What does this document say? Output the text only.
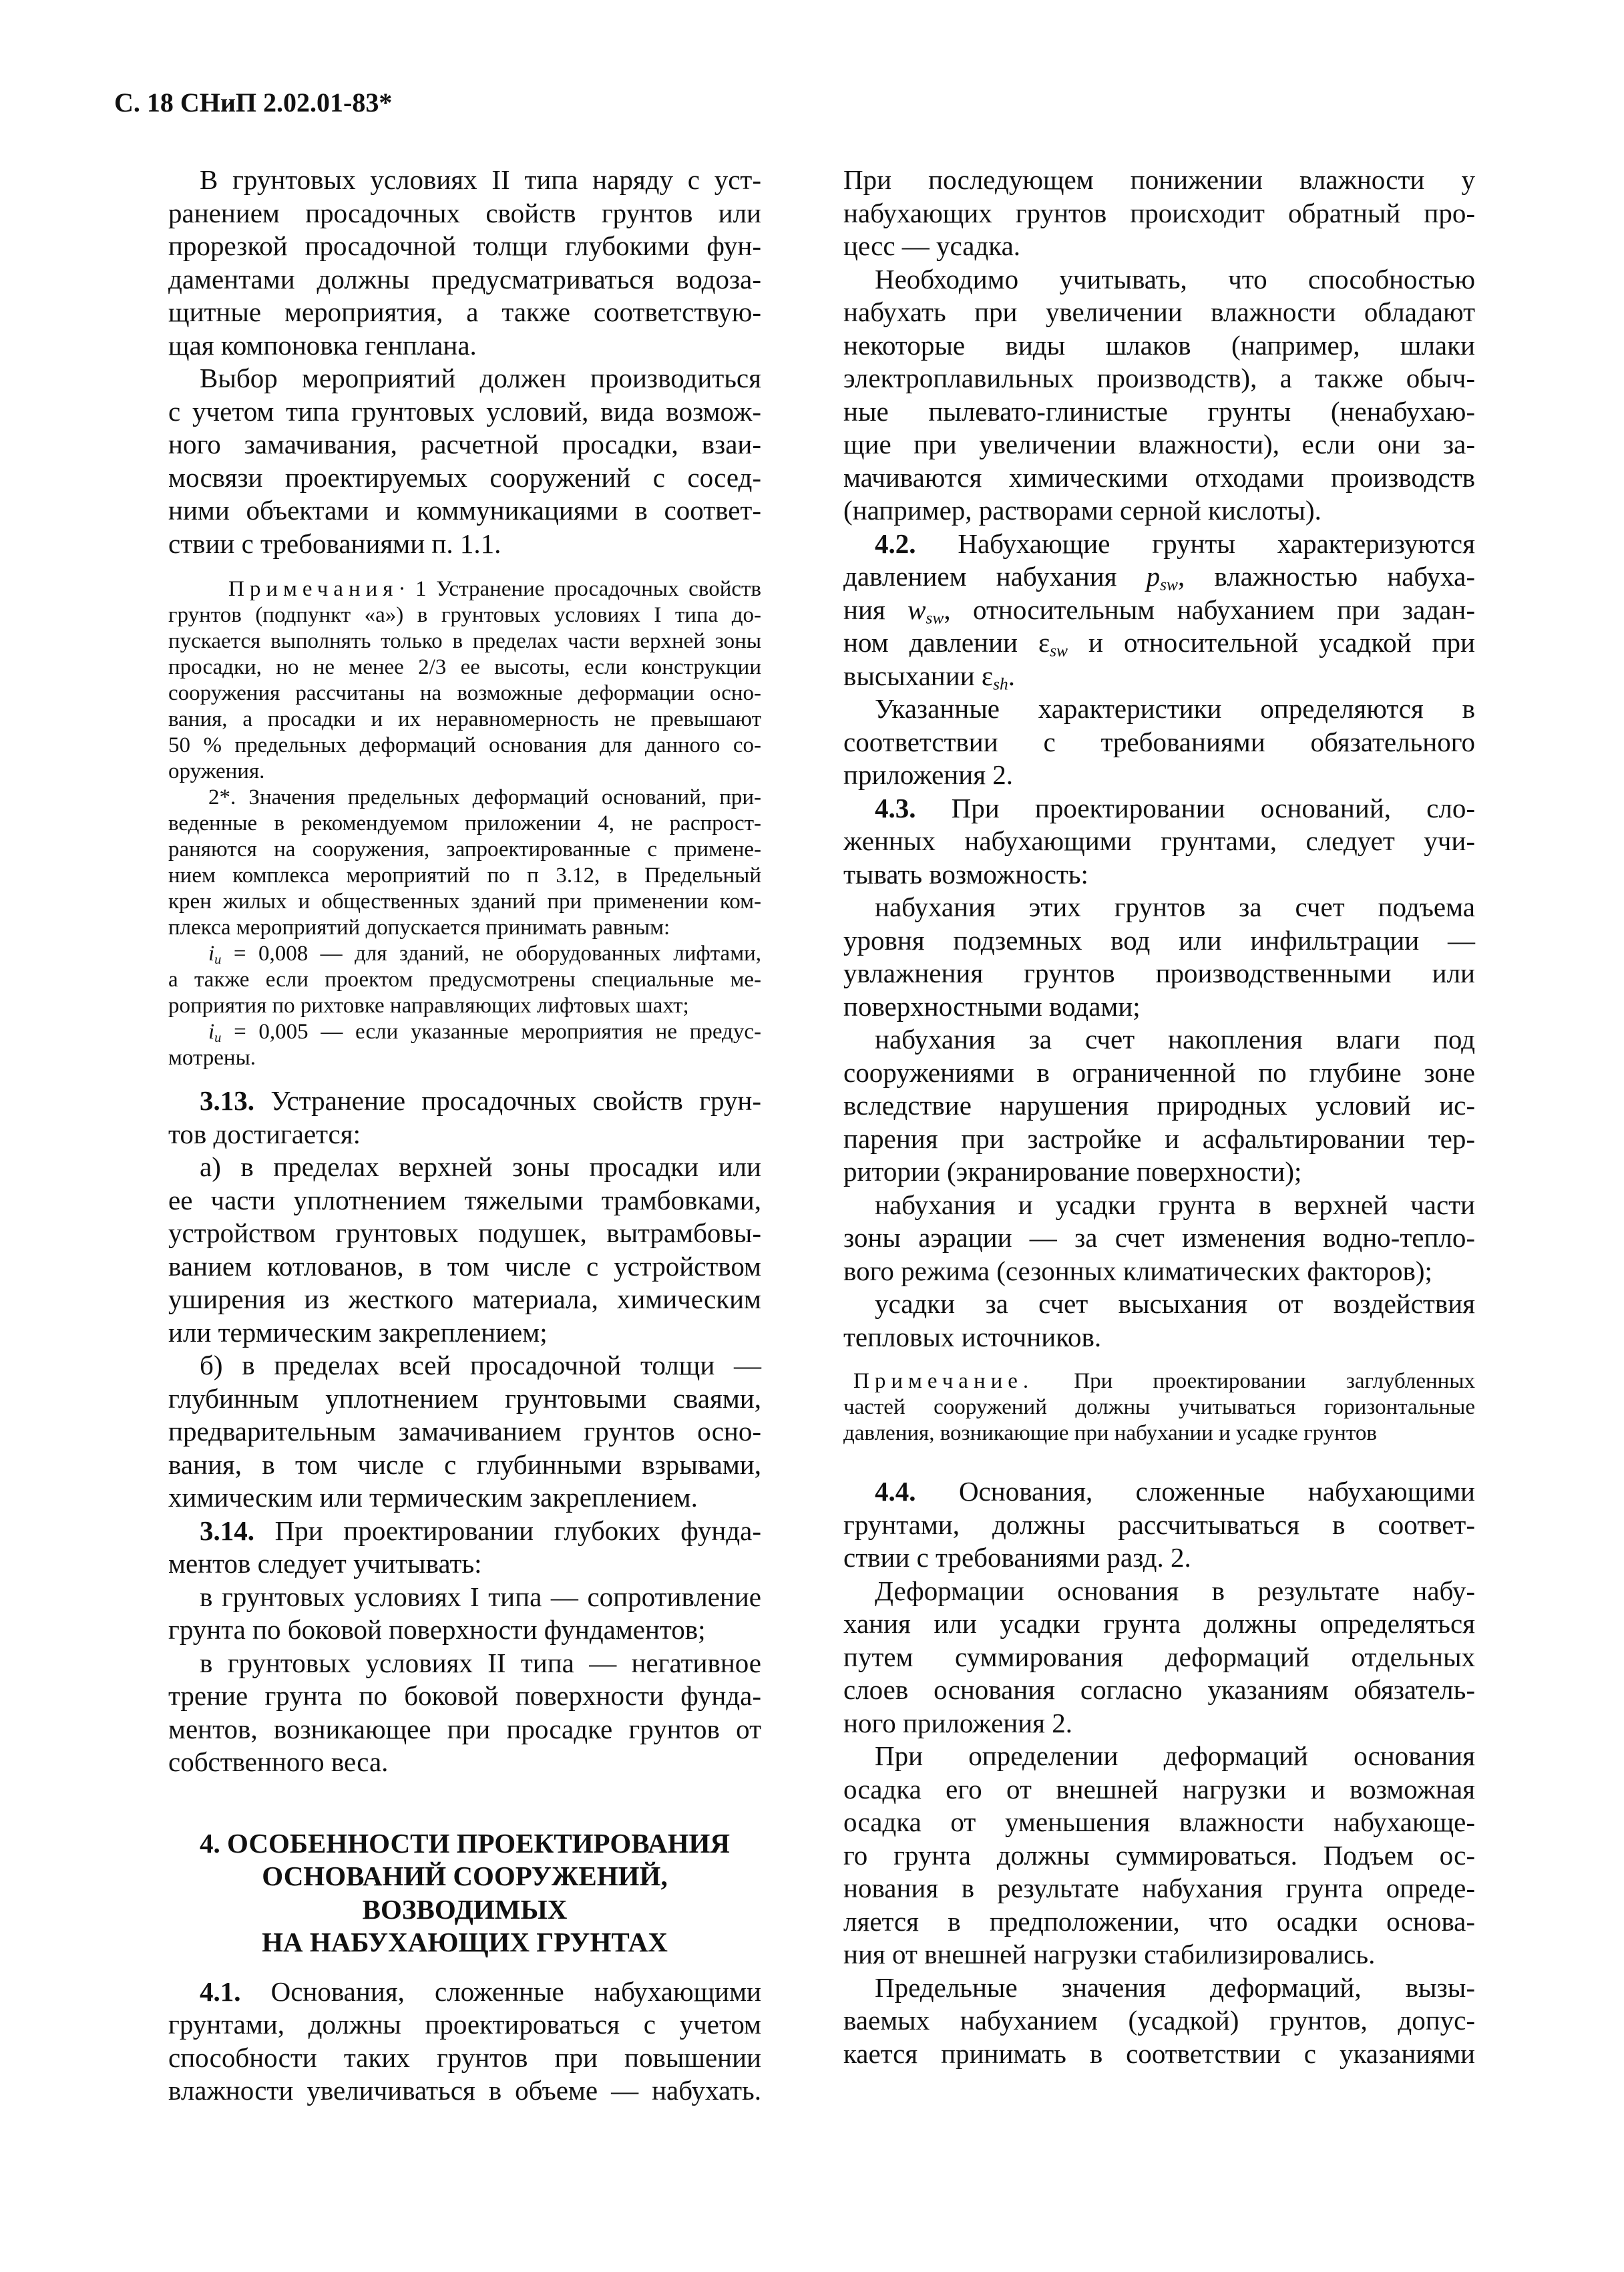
С. 18 СНиП 2.02.01-83*
В грунтовых условиях II типа наряду с уст-
ранением просадочных свойств грунтов или
прорезкой просадочной толщи глубокими фун-
даментами должны предусматриваться водоза-
щитные мероприятия, а также соответствую-
щая компоновка генплана.
Выбор мероприятий должен производиться
с учетом типа грунтовых условий, вида возмож-
ного замачивания, расчетной просадки, взаи-
мосвязи проектируемых сооружений с сосед-
ними объектами и коммуникациями в соответ-
ствии с требованиями п. 1.1.
Примечания· 1 Устранение просадочных свойств
грунтов (подпункт «а») в грунтовых условиях I типа до-
пускается выполнять только в пределах части верхней зоны
просадки, но не менее 2/3 ее высоты, если конструкции
сооружения рассчитаны на возможные деформации осно-
вания, а просадки и их неравномерность не превышают
50 % предельных деформаций основания для данного со-
оружения.
2*. Значения предельных деформаций оснований, при-
веденные в рекомендуемом приложении 4, не распрост-
раняются на сооружения, запроектированные с примене-
нием комплекса мероприятий по п 3.12, в Предельный
крен жилых и общественных зданий при применении ком-
плекса мероприятий допускается принимать равным:
iu = 0,008 — для зданий, не оборудованных лифтами,
а также если проектом предусмотрены специальные ме-
роприятия по рихтовке направляющих лифтовых шахт;
iu = 0,005 — если указанные мероприятия не предус-
мотрены.
3.13. Устранение просадочных свойств грун-
тов достигается:
а) в пределах верхней зоны просадки или
ее части уплотнением тяжелыми трамбовками,
устройством грунтовых подушек, вытрамбовы-
ванием котлованов, в том числе с устройством
уширения из жесткого материала, химическим
или термическим закреплением;
б) в пределах всей просадочной толщи —
глубинным уплотнением грунтовыми сваями,
предварительным замачиванием грунтов осно-
вания, в том числе с глубинными взрывами,
химическим или термическим закреплением.
3.14. При проектировании глубоких фунда-
ментов следует учитывать:
в грунтовых условиях I типа — сопротивление
грунта по боковой поверхности фундаментов;
в грунтовых условиях II типа — негативное
трение грунта по боковой поверхности фунда-
ментов, возникающее при просадке грунтов от
собственного веса.
4. ОСОБЕННОСТИ ПРОЕКТИРОВАНИЯ
ОСНОВАНИЙ СООРУЖЕНИЙ,
ВОЗВОДИМЫХ
НА НАБУХАЮЩИХ ГРУНТАХ
4.1. Основания, сложенные набухающими
грунтами, должны проектироваться с учетом
способности таких грунтов при повышении
влажности увеличиваться в объеме — набухать.
При последующем понижении влажности у
набухающих грунтов происходит обратный про-
цесс — усадка.
Необходимо учитывать, что способностью
набухать при увеличении влажности обладают
некоторые виды шлаков (например, шлаки
электроплавильных производств), а также обыч-
ные пылевато-глинистые грунты (ненабухаю-
щие при увеличении влажности), если они за-
мачиваются химическими отходами производств
(например, растворами серной кислоты).
4.2. Набухающие грунты характеризуются
давлением набухания psw, влажностью набуха-
ния wsw, относительным набуханием при задан-
ном давлении εsw и относительной усадкой при
высыхании εsh.
Указанные характеристики определяются в
соответствии с требованиями обязательного
приложения 2.
4.3. При проектировании оснований, сло-
женных набухающими грунтами, следует учи-
тывать возможность:
набухания этих грунтов за счет подъема
уровня подземных вод или инфильтрации —
увлажнения грунтов производственными или
поверхностными водами;
набухания за счет накопления влаги под
сооружениями в ограниченной по глубине зоне
вследствие нарушения природных условий ис-
парения при застройке и асфальтировании тер-
ритории (экранирование поверхности);
набухания и усадки грунта в верхней части
зоны аэрации — за счет изменения водно-тепло-
вого режима (сезонных климатических факторов);
усадки за счет высыхания от воздействия
тепловых источников.
Примечание. При проектировании заглубленных
частей сооружений должны учитываться горизонтальные
давления, возникающие при набухании и усадке грунтов
4.4. Основания, сложенные набухающими
грунтами, должны рассчитываться в соответ-
ствии с требованиями разд. 2.
Деформации основания в результате набу-
хания или усадки грунта должны определяться
путем суммирования деформаций отдельных
слоев основания согласно указаниям обязатель-
ного приложения 2.
При определении деформаций основания
осадка его от внешней нагрузки и возможная
осадка от уменьшения влажности набухающе-
го грунта должны суммироваться. Подъем ос-
нования в результате набухания грунта опреде-
ляется в предположении, что осадки основа-
ния от внешней нагрузки стабилизировались.
Предельные значения деформаций, вызы-
ваемых набуханием (усадкой) грунтов, допус-
кается принимать в соответствии с указаниями
